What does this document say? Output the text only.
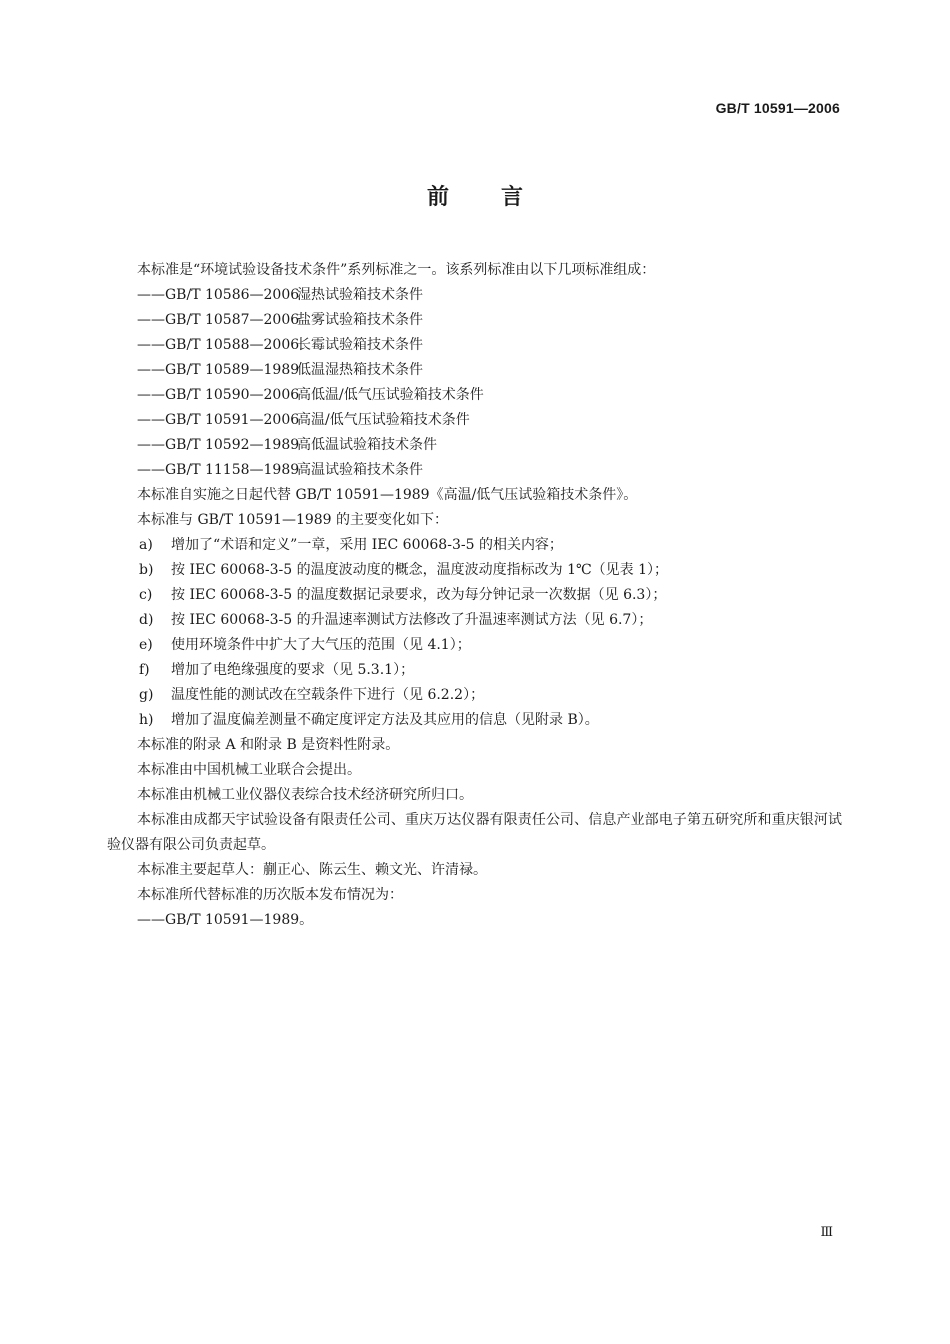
GB/T 10591—2006
前言

本标准是“环境试验设备技术条件”系列标准之一。该系列标准由以下几项标准组成：

——GB/T 10586—2006湿热试验箱技术条件

——GB/T 10587—2006盐雾试验箱技术条件

——GB/T 10588—2006长霉试验箱技术条件

——GB/T 10589—1989低温湿热箱技术条件

——GB/T 10590—2006高低温/低气压试验箱技术条件

——GB/T 10591—2006高温/低气压试验箱技术条件

——GB/T 10592—1989高低温试验箱技术条件

——GB/T 11158—1989高温试验箱技术条件

本标准自实施之日起代替 GB/T 10591—1989《高温/低气压试验箱技术条件》。

本标准与 GB/T 10591—1989 的主要变化如下：

a) 增加了“术语和定义”一章，采用 IEC 60068-3-5 的相关内容；

b) 按 IEC 60068-3-5 的温度波动度的概念，温度波动度指标改为 1℃（见表 1）；

c) 按 IEC 60068-3-5 的温度数据记录要求，改为每分钟记录一次数据（见 6.3）；

d) 按 IEC 60068-3-5 的升温速率测试方法修改了升温速率测试方法（见 6.7）；

e) 使用环境条件中扩大了大气压的范围（见 4.1）；

f) 增加了电绝缘强度的要求（见 5.3.1）；

g) 温度性能的测试改在空载条件下进行（见 6.2.2）；

h) 增加了温度偏差测量不确定度评定方法及其应用的信息（见附录 B）。

本标准的附录 A 和附录 B 是资料性附录。

本标准由中国机械工业联合会提出。

本标准由机械工业仪器仪表综合技术经济研究所归口。

本标准由成都天宇试验设备有限责任公司、重庆万达仪器有限责任公司、信息产业部电子第五研究所和重庆银河试验仪器有限公司负责起草。

本标准主要起草人：蒯正心、陈云生、赖文光、许清禄。

本标准所代替标准的历次版本发布情况为：

——GB/T 10591—1989。

Ⅲ
